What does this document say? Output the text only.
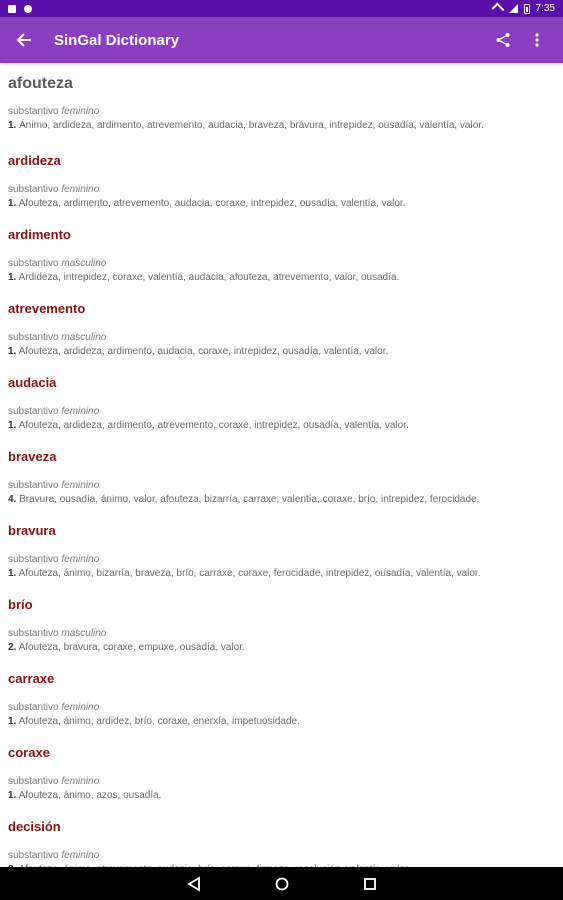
7:35
SinGal Dictionary
afouteza
substantivo feminino
1. Ánimo, ardideza, ardimento, atrevemento, audacia, braveza, bravura, intrepidez, ousadía, valentía, valor.
ardideza
substantivo feminino
1. Afouteza, ardimento, atrevemento, audacia, coraxe, intrepidez, ousadía, valentía, valor.
ardimento
substantivo masculino
1. Ardideza, intrepidez, coraxe, valentía, audacia, afouteza, atrevemento, valor, ousadía.
atrevemento
substantivo masculino
1. Afouteza, ardideza, ardimento, audacia, coraxe, intrepidez, ousadía, valentía, valor.
audacia
substantivo feminino
1. Afouteza, ardideza, ardimento, atrevemento, coraxe, intrepidez, ousadía, valentía, valor.
braveza
substantivo feminino
4. Bravura, ousadía, ánimo, valor, afouteza, bizarría, carraxe, valentía, coraxe, brío, intrepidez, ferocidade.
bravura
substantivo feminino
1. Afouteza, ánimo, bizarría, braveza, brío, carraxe, coraxe, ferocidade, intrepidez, ousadía, valentía, valor.
brío
substantivo masculino
2. Afouteza, bravura, coraxe, empuxe, ousadía, valor.
carraxe
substantivo feminino
1. Afouteza, ánimo, ardidez, brío, coraxe, enerxía, impetuosidade.
coraxe
substantivo feminino
1. Afouteza, ánimo, azos, ousadía.
decisión
substantivo feminino
